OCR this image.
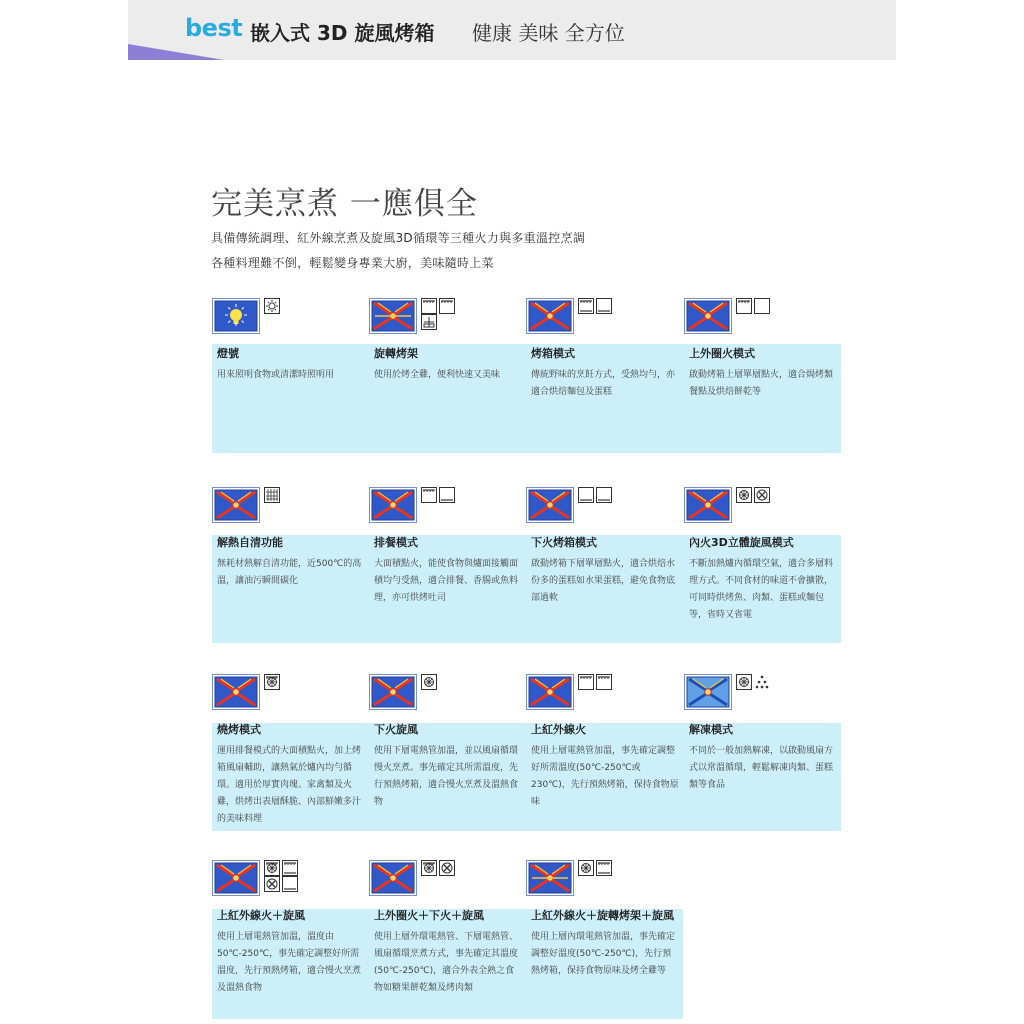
best 嵌入式 3D 旋風烤箱 健康 美味 全方位
完美烹煮 一應俱全
具備傳統調理、紅外線烹煮及旋風3D循環等三種火力與多重溫控烹調
各種料理難不倒，輕鬆變身專業大廚，美味隨時上菜
燈號
用來照明食物或清潔時照明用
旋轉烤架
使用於烤全雞，便利快速又美味
烤箱模式
傳統野味的烹飪方式，受熱均勻，亦適合烘焙麵包及蛋糕
上外圈火模式
啟動烤箱上層單層點火，適合焗烤類餐點及烘焙餅乾等
解熱自清功能
無耗材熱解自清功能，近500℃的高溫，讓油污瞬間碳化
排餐模式
大面積點火，能使食物與爐面接觸面積均勻受熱，適合排餐、香腸或魚料理，亦可烘烤吐司
下火烤箱模式
啟動烤箱下層單層點火，適合烘焙水份多的蛋糕如水果蛋糕，避免食物底部過軟
內火3D立體旋風模式
不斷加熱爐內循環空氣，適合多層料理方式。不同食材的味道不會擴散，可同時烘烤魚、肉類、蛋糕或麵包等，省時又省電
燒烤模式
運用排餐模式的大面積點火，加上烤箱風扇輔助，讓熱氣於爐內均勻循環。適用於厚實肉塊、家禽類及火雞，烘烤出表層酥脆、內部鮮嫩多汁的美味料理
下火旋風
使用下層電熱管加溫，並以風扇循環慢火烹煮。事先確定其所需溫度，先行預熱烤箱，適合慢火烹煮及溫熱食物
上紅外線火
使用上層電熱管加溫，事先確定調整好所需溫度(50℃-250℃或230℃)，先行預熱烤箱，保持食物原味
解凍模式
不同於一般加熱解凍，以啟動風扇方式以常溫循環，輕鬆解凍肉類、蛋糕類等食品
上紅外線火＋旋風
使用上層電熱管加溫，溫度由50℃-250℃，事先確定調整好所需溫度，先行預熱烤箱，適合慢火烹煮及溫熱食物
上外圈火＋下火＋旋風
使用上層外環電熱管、下層電熱管、風扇循環烹煮方式，事先確定其溫度(50℃-250℃)，適合外表全熟之食物如糖果餅乾類及烤肉類
上紅外線火＋旋轉烤架＋旋風
使用上層內環電熱管加溫，事先確定調整好溫度(50℃-250℃)，先行預熱烤箱，保持食物原味及烤全雞等
